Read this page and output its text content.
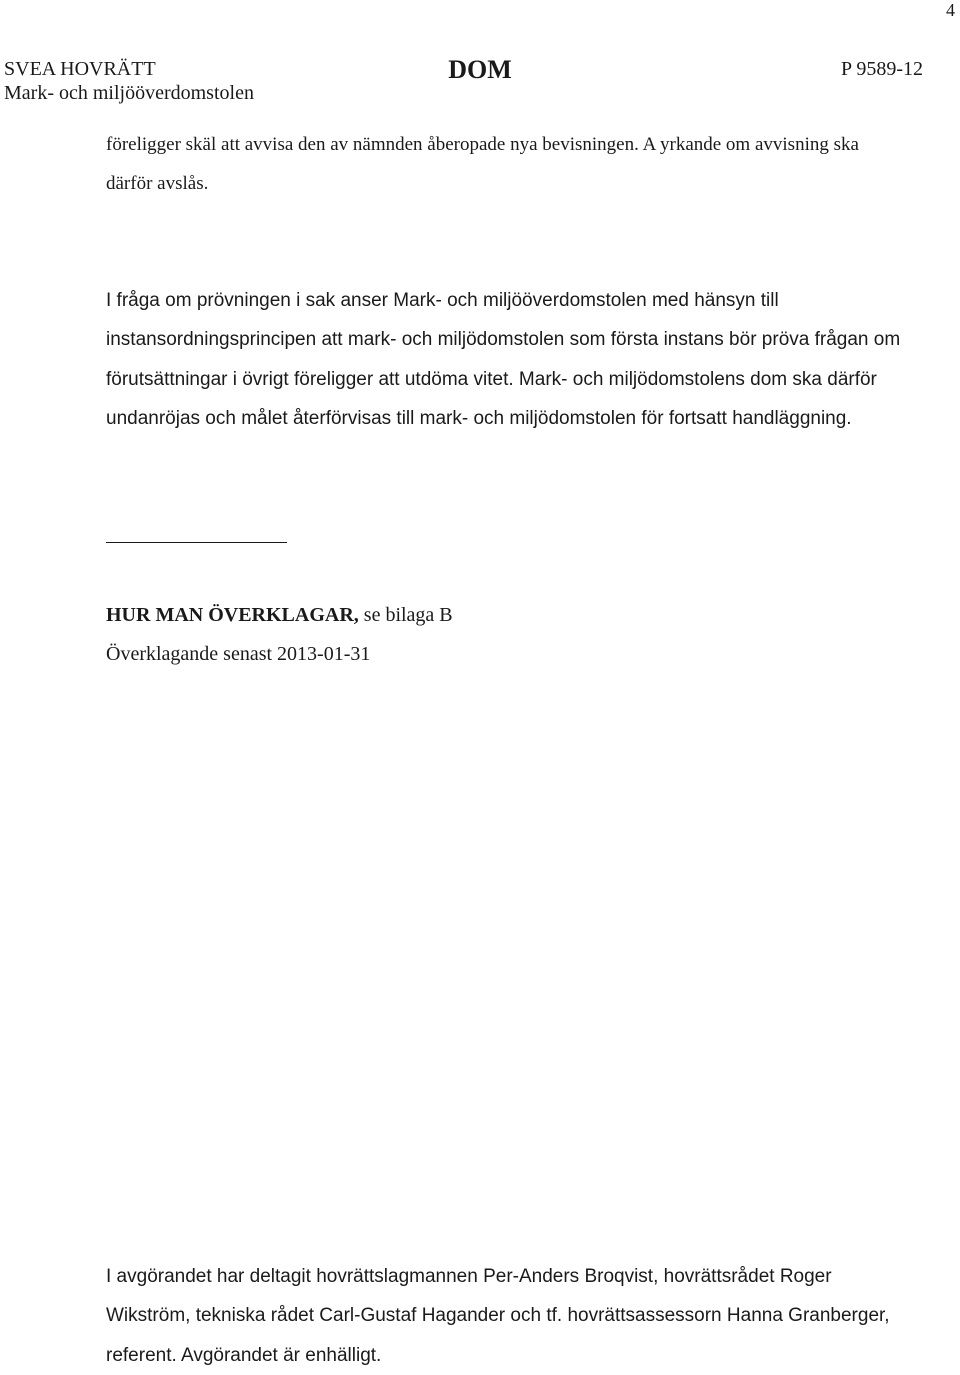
4
SVEA HOVRÄTT
Mark- och miljööverdomstolen
DOM	P 9589-12

föreligger skäl att avvisa den av nämnden åberopade nya bevisningen. A yrkande om avvisning ska därför avslås.

I fråga om prövningen i sak anser Mark- och miljööverdomstolen med hänsyn till instansordningsprincipen att mark- och miljödomstolen som första instans bör pröva frågan om förutsättningar i övrigt föreligger att utdöma vitet. Mark- och miljödomstolens dom ska därför undanröjas och målet återförvisas till mark- och miljödomstolen för fortsatt handläggning.

HUR MAN ÖVERKLAGAR, se bilaga B
Överklagande senast 2013-01-31

I avgörandet har deltagit hovrättslagmannen Per-Anders Broqvist, hovrättsrådet Roger Wikström, tekniska rådet Carl-Gustaf Hagander och tf. hovrättsassessorn Hanna Granberger, referent. Avgörandet är enhälligt.
